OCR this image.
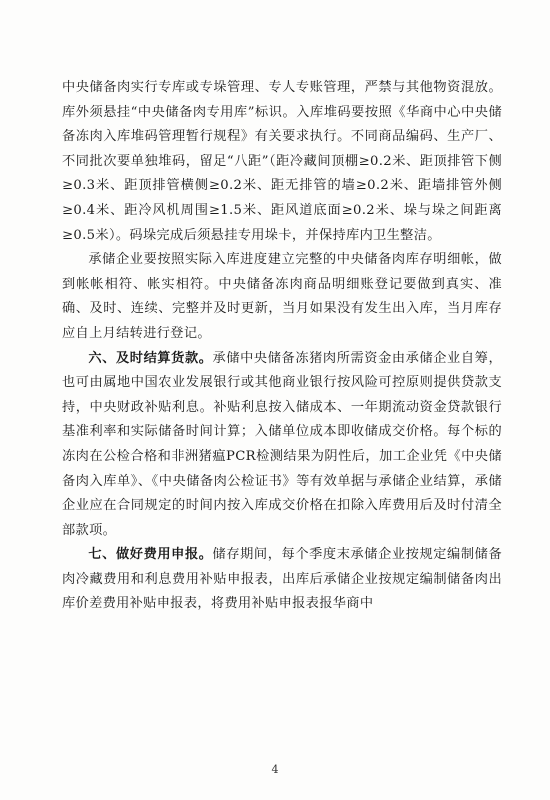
中央储备肉实行专库或专垛管理、专人专账管理，严禁与其他物资混放。库外须悬挂“中央储备肉专用库”标识。入库堆码要按照《华商中心中央储备冻肉入库堆码管理暂行规程》有关要求执行。不同商品编码、生产厂、不同批次要单独堆码，留足“八距”（距冷藏间顶棚≥0.2米、距顶排管下侧≥0.3米、距顶排管横侧≥0.2米、距无排管的墙≥0.2米、距墙排管外侧≥0.4米、距冷风机周围≥1.5米、距风道底面≥0.2米、垛与垛之间距离≥0.5米）。码垛完成后须悬挂专用垛卡，并保持库内卫生整洁。

承储企业要按照实际入库进度建立完整的中央储备肉库存明细帐，做到帐帐相符、帐实相符。中央储备冻肉商品明细账登记要做到真实、准确、及时、连续、完整并及时更新，当月如果没有发生出入库，当月库存应自上月结转进行登记。

六、及时结算货款。承储中央储备冻猪肉所需资金由承储企业自筹，也可由属地中国农业发展银行或其他商业银行按风险可控原则提供贷款支持，中央财政补贴利息。补贴利息按入储成本、一年期流动资金贷款银行基准利率和实际储备时间计算；入储单位成本即收储成交价格。每个标的冻肉在公检合格和非洲猪瘟PCR检测结果为阴性后，加工企业凭《中央储备肉入库单》、《中央储备肉公检证书》等有效单据与承储企业结算，承储企业应在合同规定的时间内按入库成交价格在扣除入库费用后及时付清全部款项。

七、做好费用申报。储存期间，每个季度末承储企业按规定编制储备肉冷藏费用和利息费用补贴申报表，出库后承储企业按规定编制储备肉出库价差费用补贴申报表，将费用补贴申报表报华商中

4
